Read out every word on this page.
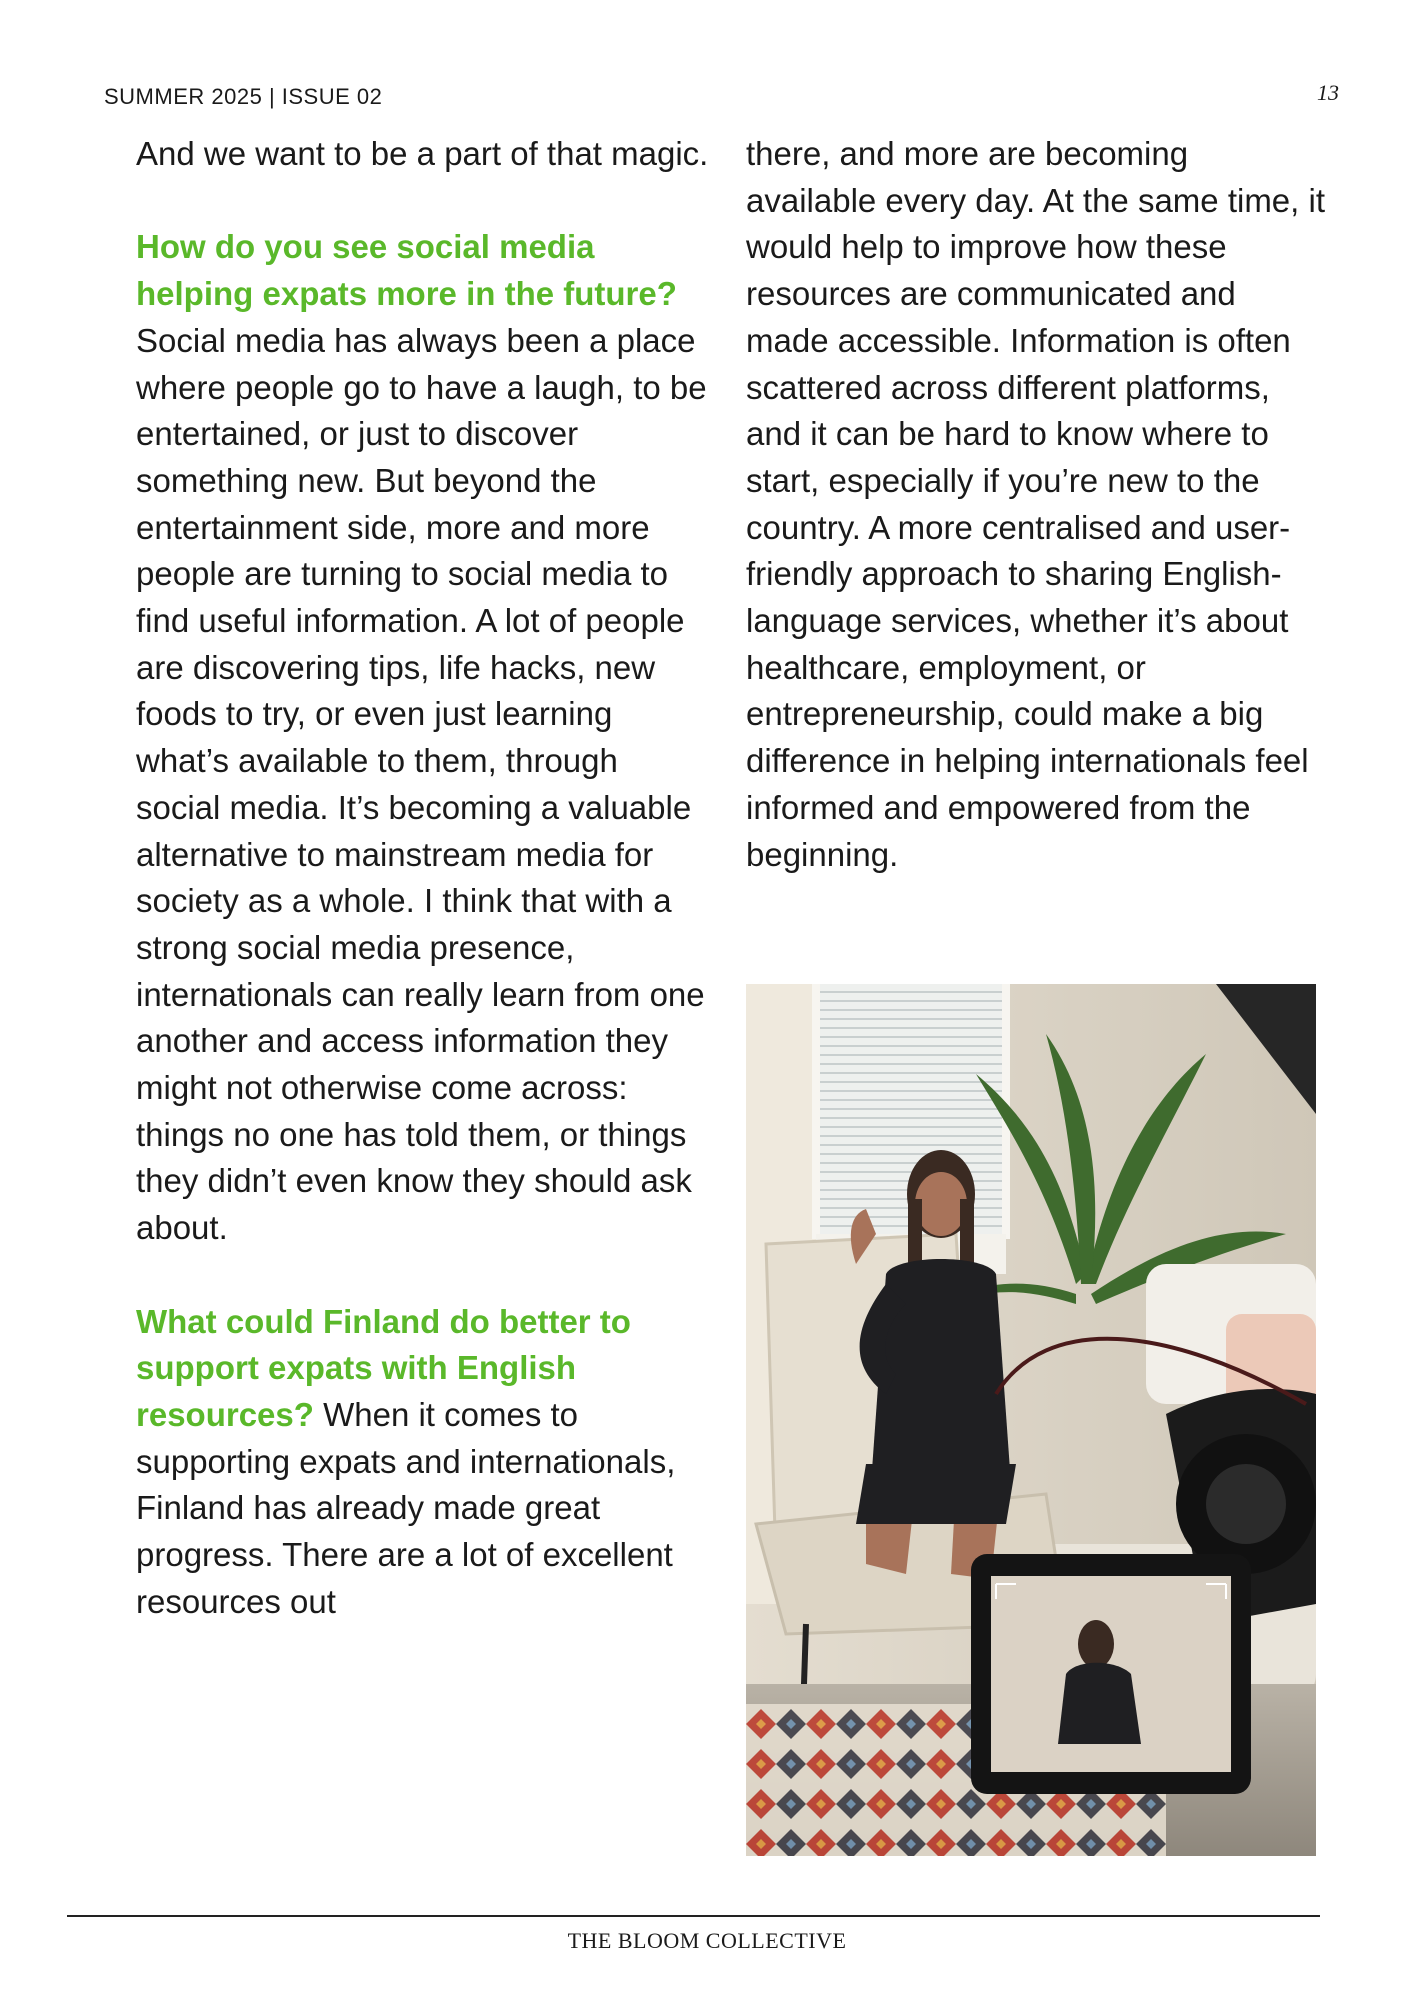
SUMMER 2025 | ISSUE 02	13

And we want to be a part of that magic.

How do you see social media helping expats more in the future? Social media has always been a place where people go to have a laugh, to be entertained, or just to discover something new. But beyond the entertainment side, more and more people are turning to social media to find useful information. A lot of people are discovering tips, life hacks, new foods to try, or even just learning what’s available to them, through social media. It’s becoming a valuable alternative to mainstream media for society as a whole. I think that with a strong social media presence, internationals can really learn from one another and access information they might not otherwise come across: things no one has told them, or things they didn’t even know they should ask about.

What could Finland do better to support expats with English resources? When it comes to supporting expats and internationals, Finland has already made great progress. There are a lot of excellent resources out

there, and more are becoming available every day. At the same time, it would help to improve how these resources are communicated and made accessible. Information is often scattered across different platforms, and it can be hard to know where to start, especially if you’re new to the country. A more centralised and user-friendly approach to sharing English-language services, whether it’s about healthcare, employment, or entrepreneurship, could make a big difference in helping internationals feel informed and empowered from the beginning.

THE BLOOM COLLECTIVE
